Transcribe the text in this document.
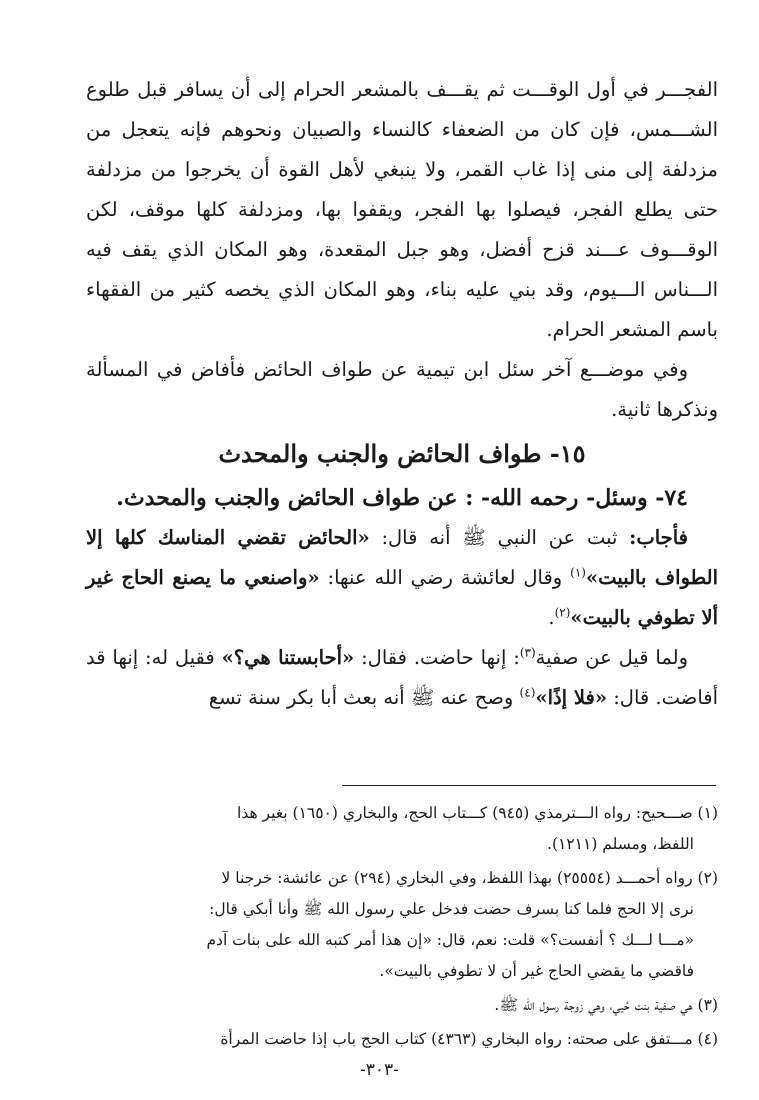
الفجـــر في أول الوقـــت ثم يقـــف بالمشعر الحرام إلى أن يسافر قبل طلوع الشـــمس، فإن كان من الضعفاء كالنساء والصبيان ونحوهم فإنه يتعجل من مزدلفة إلى منى إذا غاب القمر، ولا ينبغي لأهل القوة أن يخرجوا من مزدلفة حتى يطلع الفجر، فيصلوا بها الفجر، ويقفوا بها، ومزدلفة كلها موقف، لكن الوقـــوف عـــند قزح أفضل، وهو جبل المقعدة، وهو المكان الذي يقف فيه الـــناس الـــيوم، وقد بني عليه بناء، وهو المكان الذي يخصه كثير من الفقهاء باسم المشعر الحرام.

وفي موضـــع آخر سئل ابن تيمية عن طواف الحائض فأفاض في المسألة ونذكرها ثانية.

١٥- طواف الحائض والجنب والمحدث

٧٤- وسئل- رحمه الله- : عن طواف الحائض والجنب والمحدث.

فأجاب: ثبت عن النبي ﷺ أنه قال: «الحائض تقضي المناسك كلها إلا الطواف بالبيت»$^{(١)}$ وقال لعائشة رضي الله عنها: «واصنعي ما يصنع الحاج غير ألا تطوفي بالبيت»$^{(٢)}$.

ولما قيل عن صفية$^{(٣)}$: إنها حاضت. فقال: «أحابستنا هي؟» فقيل له: إنها قد أفاضت. قال: «فلا إذًا»$^{(٤)}$ وصح عنه ﷺ أنه بعث أبا بكر سنة تسع

(١) صـــحيح: رواه الـــترمذي (٩٤٥) كـــتاب الحج، والبخاري (١٦٥٠) بغير هذا
اللفظ، ومسلم (١٢١١).
(٢) رواه أحمـــد (٢٥٥٥٤) بهذا اللفظ، وفي البخاري (٢٩٤) عن عائشة: خرجنا لا
نرى إلا الحج فلما كنا بسرف حضت فدخل علي رسول الله ﷺ وأنا أبكي قال:
«مـــا لـــك ؟ أنفست؟» قلت: نعم، قال: «إن هذا أمر كتبه الله على بنات آدم
فاقضي ما يقضي الحاج غير أن لا تطوفي بالبيت».
(٣) هي صفية بنت حُيي، وهي زوجة رسول الله ﷺ.
(٤) مـــتفق على صحته: رواه البخاري (٤٣٦٣) كتاب الحج باب إذا حاضت المرأة
-٣٠٣-
